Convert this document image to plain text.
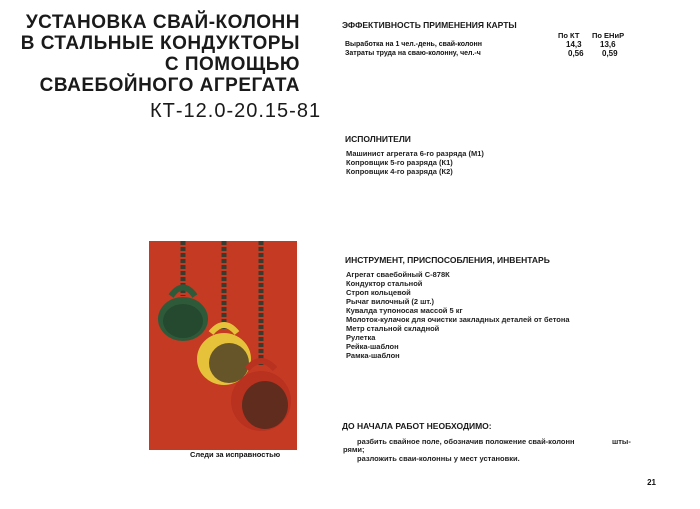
УСТАНОВКА СВАЙ-КОЛОНН
В СТАЛЬНЫЕ КОНДУКТОРЫ
С ПОМОЩЬЮ
СВАЕБОЙНОГО АГРЕГАТА
КТ-12.0-20.15-81
ЭФФЕКТИВНОСТЬ ПРИМЕНЕНИЯ КАРТЫ
По КТ По ЕНиР
Выработка на 1 чел.-день, свай-колонн	14,3 13,6
Затраты труда на сваю-колонну, чел.-ч	0,56 0,59
ИСПОЛНИТЕЛИ
Машинист агрегата 6-го разряда (М1)
Копровщик 5-го разряда (К1)
Копровщик 4-го разряда (К2)
ИНСТРУМЕНТ, ПРИСПОСОБЛЕНИЯ, ИНВЕНТАРЬ
Агрегат сваебойный С-878К
Кондуктор стальной
Строп кольцевой
Рычаг вилочный (2 шт.)
Кувалда тупоносая массой 5 кг
Молоток-кулачок для очистки закладных деталей от бетона
Метр стальной складной
Рулетка
Рейка-шаблон
Рамка-шаблон
ДО НАЧАЛА РАБОТ НЕОБХОДИМО:
разбить свайное поле, обозначив положение свай-колонн	шты-
рями;
разложить сваи-колонны у мест установки.
Следи за исправностью
21
